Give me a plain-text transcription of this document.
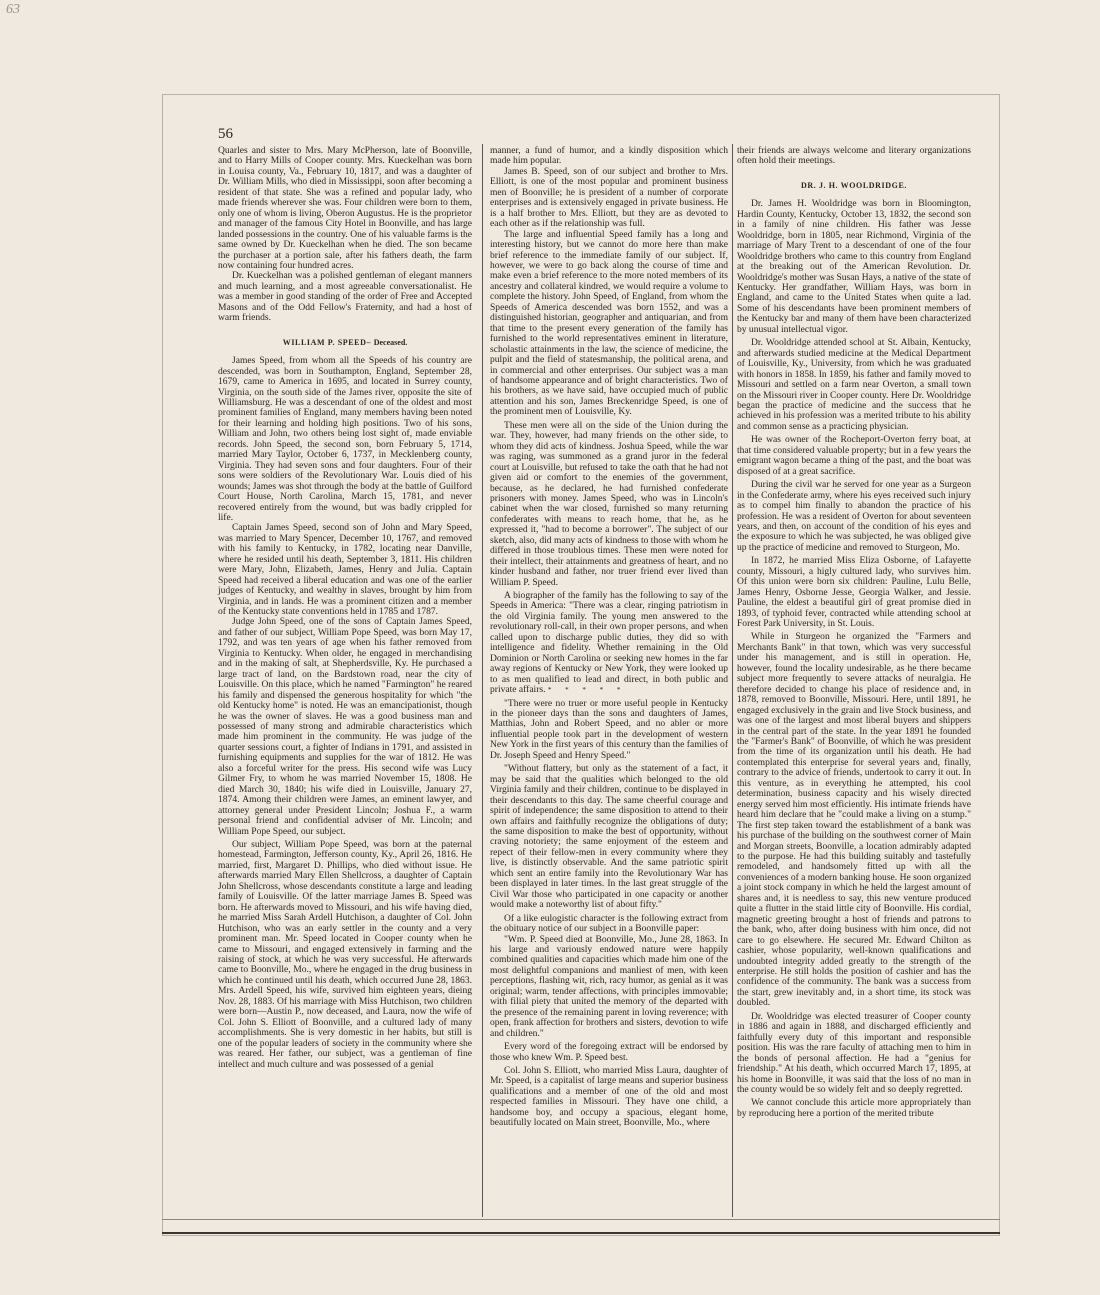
63
56

Quarles and sister to Mrs. Mary McPherson, late of Boonville, and to Harry Mills of Cooper county. Mrs. Kueckelhan was born in Louisa county, Va., February 10, 1817, and was a daughter of Dr. William Mills, who died in Mississippi, soon after becoming a resident of that state. She was a refined and popular lady, who made friends wherever she was. Four children were born to them, only one of whom is living, Oberon Augustus. He is the proprietor and manager of the famous City Hotel in Boonville, and has large landed possessions in the country. One of his valuable farms is the same owned by Dr. Kueckelhan when he died. The son became the purchaser at a portion sale, after his fathers death, the farm now containing four hundred acres.

Dr. Kueckelhan was a polished gentleman of elegant manners and much learning, and a most agreeable conversationalist. He was a member in good standing of the order of Free and Accepted Masons and of the Odd Fellow's Fraternity, and had a host of warm friends.

WILLIAM P. SPEED– Deceased.

James Speed, from whom all the Speeds of his country are descended, was born in Southampton, England, September 28, 1679, came to America in 1695, and located in Surrey county, Virginia, on the south side of the James river, opposite the site of Williamsburg. He was a descendant of one of the oldest and most prominent families of England, many members having been noted for their learning and holding high positions. Two of his sons, William and John, two others being lost sight of, made enviable records. John Speed, the second son, born February 5, 1714, married Mary Taylor, October 6, 1737, in Mecklenberg county, Virginia. They had seven sons and four daughters. Four of their sons were soldiers of the Revolutionary War. Louis died of his wounds; James was shot through the body at the battle of Guilford Court House, North Carolina, March 15, 1781, and never recovered entirely from the wound, but was badly crippled for life.

Captain James Speed, second son of John and Mary Speed, was married to Mary Spencer, December 10, 1767, and removed with his family to Kentucky, in 1782, locating near Danville, where he resided until his death, September 3, 1811. His children were Mary, John, Elizabeth, James, Henry and Julia. Captain Speed had received a liberal education and was one of the earlier judges of Kentucky, and wealthy in slaves, brought by him from Virginia, and in lands. He was a prominent citizen and a member of the Kentucky state conventions held in 1785 and 1787.

Judge John Speed, one of the sons of Captain James Speed, and father of our subject, William Pope Speed, was born May 17, 1792, and was ten years of age when his father removed from Virginia to Kentucky. When older, he engaged in merchandising and in the making of salt, at Shepherdsville, Ky. He purchased a large tract of land, on the Bardstown road, near the city of Louisville. On this place, which he named "Farmington" he reared his family and dispensed the generous hospitality for which "the old Kentucky home" is noted. He was an emancipationist, though he was the owner of slaves. He was a good business man and possessed of many strong and admirable characteristics which made him prominent in the community. He was judge of the quarter sessions court, a fighter of Indians in 1791, and assisted in furnishing equipments and supplies for the war of 1812. He was also a forceful writer for the press. His second wife was Lucy Gilmer Fry, to whom he was married November 15, 1808. He died March 30, 1840; his wife died in Louisville, January 27, 1874. Among their children were James, an eminent lawyer, and attorney general under President Lincoln; Joshua F., a warm personal friend and confidential adviser of Mr. Lincoln; and William Pope Speed, our subject.

Our subject, William Pope Speed, was born at the paternal homestead, Farmington, Jefferson county, Ky., April 26, 1816. He married, first, Margaret D. Phillips, who died without issue. He afterwards married Mary Ellen Shellcross, a daughter of Captain John Shellcross, whose descendants constitute a large and leading family of Louisville. Of the latter marriage James B. Speed was born. He afterwards moved to Missouri, and his wife having died, he married Miss Sarah Ardell Hutchison, a daughter of Col. John Hutchison, who was an early settler in the county and a very prominent man. Mr. Speed located in Cooper county when he came to Missouri, and engaged extensively in farming and the raising of stock, at which he was very successful. He afterwards came to Boonville, Mo., where he engaged in the drug business in which he continued until his death, which occurred June 28, 1863. Mrs. Ardell Speed, his wife, survived him eighteen years, dieing Nov. 28, 1883. Of his marriage with Miss Hutchison, two children were born—Austin P., now deceased, and Laura, now the wife of Col. John S. Elliott of Boonville, and a cultured lady of many accomplishments. She is very domestic in her habits, but still is one of the popular leaders of society in the community where she was reared. Her father, our subject, was a gentleman of fine intellect and much culture and was possessed of a genial

manner, a fund of humor, and a kindly disposition which made him popular.

James B. Speed, son of our subject and brother to Mrs. Elliott, is one of the most popular and prominent business men of Boonville; he is president of a number of corporate enterprises and is extensively engaged in private business. He is a half brother to Mrs. Elliott, but they are as devoted to each other as if the relationship was full.

The large and influential Speed family has a long and interesting history, but we cannot do more here than make brief reference to the immediate family of our subject. If, however, we were to go back along the course of time and make even a brief reference to the more noted members of its ancestry and collateral kindred, we would require a volume to complete the history. John Speed, of England, from whom the Speeds of America descended was born 1552, and was a distinguished historian, geographer and antiquarian, and from that time to the present every generation of the family has furnished to the world representatives eminent in literature, scholastic attainments in the law, the science of medicine, the pulpit and the field of statesmanship, the political arena, and in commercial and other enterprises. Our subject was a man of handsome appearance and of bright characteristics. Two of his brothers, as we have said, have occupied much of public attention and his son, James Breckenridge Speed, is one of the prominent men of Louisville, Ky.

These men were all on the side of the Union during the war. They, however, had many friends on the other side, to whom they did acts of kindness. Joshua Speed, while the war was raging, was summoned as a grand juror in the federal court at Louisville, but refused to take the oath that he had not given aid or comfort to the enemies of the government, because, as he declared, he had furnished confederate prisoners with money. James Speed, who was in Lincoln's cabinet when the war closed, furnished so many returning confederates with means to reach home, that he, as he expressed it, "had to become a borrower". The subject of our sketch, also, did many acts of kindness to those with whom he differed in those troublous times. These men were noted for their intellect, their attainments and greatness of heart, and no kinder husband and father, nor truer friend ever lived than William P. Speed.

A biographer of the family has the following to say of the Speeds in America: "There was a clear, ringing patriotism in the old Virginia family. The young men answered to the revolutionary roll-call, in their own proper persons, and when called upon to discharge public duties, they did so with intelligence and fidelity. Whether remaining in the Old Dominion or North Carolina or seeking new homes in the far away regions of Kentucky or New York, they were looked up to as men qualified to lead and direct, in both public and private affairs. * * * * *

"There were no truer or more useful people in Kentucky in the pioneer days than the sons and daughters of James, Matthias, John and Robert Speed, and no abler or more influential people took part in the development of western New York in the first years of this century than the families of Dr. Joseph Speed and Henry Speed."

"Without flattery, but only as the statement of a fact, it may be said that the qualities which belonged to the old Virginia family and their children, continue to be displayed in their descendants to this day. The same cheerful courage and spirit of independence; the same disposition to attend to their own affairs and faithfully recognize the obligations of duty; the same disposition to make the best of opportunity, without craving notoriety; the same enjoyment of the esteem and repect of their fellow-men in every community where they live, is distinctly observable. And the same patriotic spirit which sent an entire family into the Revolutionary War has been displayed in later times. In the last great struggle of the Civil War those who participated in one capacity or another would make a noteworthy list of about fifty."

Of a like eulogistic character is the following extract from the obituary notice of our subject in a Boonville paper:

"Wm. P. Speed died at Boonville, Mo., June 28, 1863. In his large and variously endowed nature were happily combined qualities and capacities which made him one of the most delightful companions and manliest of men, with keen perceptions, flashing wit, rich, racy humor, as genial as it was original; warm, tender affections, with principles immovable; with filial piety that united the memory of the departed with the presence of the remaining parent in loving reverence; with open, frank affection for brothers and sisters, devotion to wife and children."

Every word of the foregoing extract will be endorsed by those who knew Wm. P. Speed best.

Col. John S. Elliott, who married Miss Laura, daughter of Mr. Speed, is a capitalist of large means and superior business qualifications and a member of one of the old and most respected families in Missouri. They have one child, a handsome boy, and occupy a spacious, elegant home, beautifully located on Main street, Boonville, Mo., where

their friends are always welcome and literary organizations often hold their meetings.

DR. J. H. WOOLDRIDGE.

Dr. James H. Wooldridge was born in Bloomington, Hardin County, Kentucky, October 13, 1832, the second son in a family of nine children. His father was Jesse Wooldridge, born in 1805, near Richmond, Virginia of the marriage of Mary Trent to a descendant of one of the four Wooldridge brothers who came to this country from England at the breaking out of the American Revolution. Dr. Wooldridge's mother was Susan Hays, a native of the state of Kentucky. Her grandfather, William Hays, was born in England, and came to the United States when quite a lad. Some of his descendants have been prominent members of the Kentucky bar and many of them have been characterized by unusual intellectual vigor.

Dr. Wooldridge attended school at St. Albain, Kentucky, and afterwards studied medicine at the Medical Department of Louisville, Ky., University, from which he was graduated with honors in 1858. In 1859, his father and family moved to Missouri and settled on a farm near Overton, a small town on the Missouri river in Cooper county. Here Dr. Wooldridge began the practice of medicine and the success that he achieved in his profession was a merited tribute to his ability and common sense as a practicing physician.

He was owner of the Rocheport-Overton ferry boat, at that time considered valuable property; but in a few years the emigrant wagon became a thing of the past, and the boat was disposed of at a great sacrifice.

During the civil war he served for one year as a Surgeon in the Confederate army, where his eyes received such injury as to compel him finally to abandon the practice of his profession. He was a resident of Overton for about seventeen years, and then, on account of the condition of his eyes and the exposure to which he was subjected, he was obliged give up the practice of medicine and removed to Sturgeon, Mo.

In 1872, he married Miss Eliza Osborne, of Lafayette county, Missouri, a higly cultured lady, who survives him. Of this union were born six children: Pauline, Lulu Belle, James Henry, Osborne Jesse, Georgia Walker, and Jessie. Pauline, the eldest a beautiful girl of great promise died in 1893, of typhoid fever, contracted while attending school at Forest Park University, in St. Louis.

While in Sturgeon he organized the "Farmers and Merchants Bank" in that town, which was very successful under his management, and is still in operation. He, however, found the locality undesirable, as he there became subject more frequently to severe attacks of neuralgia. He therefore decided to change his place of residence and, in 1878, removed to Boonville, Missouri. Here, until 1891, he engaged exclusively in the grain and live Stock business, and was one of the largest and most liberal buyers and shippers in the central part of the state. In the year 1891 he founded the "Farmer's Bank" of Boonville, of which he was president from the time of its organization until his death. He had contemplated this enterprise for several years and, finally, contrary to the advice of friends, undertook to carry it out. In this venture, as in everything he attempted, his cool determination, business capacity and his wisely directed energy served him most efficiently. His intimate friends have heard him declare that he "could make a living on a stump." The first step taken toward the establishment of a bank was his purchase of the building on the southwest corner of Main and Morgan streets, Boonville, a location admirably adapted to the purpose. He had this building suitably and tastefully remodeled, and handsomely fitted up with all the conveniences of a modern banking house. He soon organized a joint stock company in which he held the largest amount of shares and, it is needless to say, this new venture produced quite a flutter in the staid little city of Boonville. His cordial, magnetic greeting brought a host of friends and patrons to the bank, who, after doing business with him once, did not care to go elsewhere. He secured Mr. Edward Chilton as cashier, whose popularity, well-known qualifications and undoubted integrity added greatly to the strength of the enterprise. He still holds the position of cashier and has the confidence of the community. The bank was a success from the start, grew inevitably and, in a short time, its stock was doubled.

Dr. Wooldridge was elected treasurer of Cooper county in 1886 and again in 1888, and discharged efficiently and faithfully every duty of this important and responsible position. His was the rare faculty of attaching men to him in the bonds of personal affection. He had a "genius for friendship." At his death, which occurred March 17, 1895, at his home in Boonville, it was said that the loss of no man in the county would be so widely felt and so deeply regretted.

We cannot conclude this article more appropriately than by reproducing here a portion of the merited tribute
